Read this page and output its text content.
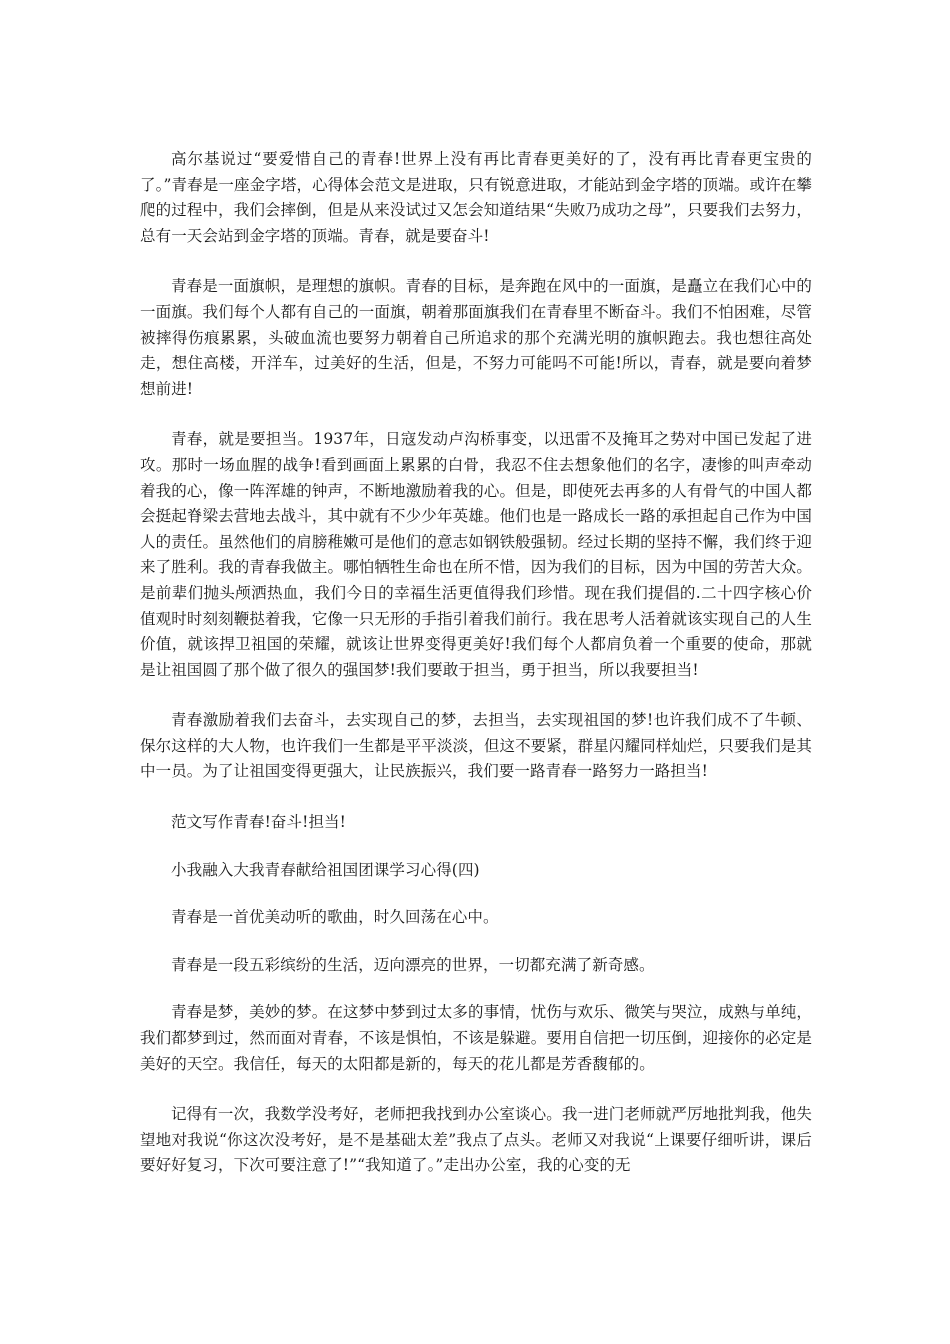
高尔基说过“要爱惜自己的青春!世界上没有再比青春更美好的了，没有再比青春更宝贵的了。”青春是一座金字塔，心得体会范文是进取，只有锐意进取，才能站到金字塔的顶端。或许在攀爬的过程中，我们会摔倒，但是从来没试过又怎会知道结果“失败乃成功之母”，只要我们去努力，总有一天会站到金字塔的顶端。青春，就是要奋斗!

青春是一面旗帜，是理想的旗帜。青春的目标，是奔跑在风中的一面旗，是矗立在我们心中的一面旗。我们每个人都有自己的一面旗，朝着那面旗我们在青春里不断奋斗。我们不怕困难，尽管被摔得伤痕累累，头破血流也要努力朝着自己所追求的那个充满光明的旗帜跑去。我也想往高处走，想住高楼，开洋车，过美好的生活，但是，不努力可能吗不可能!所以，青春，就是要向着梦想前进!

青春，就是要担当。1937年，日寇发动卢沟桥事变，以迅雷不及掩耳之势对中国已发起了进攻。那时一场血腥的战争!看到画面上累累的白骨，我忍不住去想象他们的名字，凄惨的叫声牵动着我的心，像一阵浑雄的钟声，不断地激励着我的心。但是，即使死去再多的人有骨气的中国人都会挺起脊梁去营地去战斗，其中就有不少少年英雄。他们也是一路成长一路的承担起自己作为中国人的责任。虽然他们的肩膀稚嫩可是他们的意志如钢铁般强韧。经过长期的坚持不懈，我们终于迎来了胜利。我的青春我做主。哪怕牺牲生命也在所不惜，因为我们的目标，因为中国的劳苦大众。是前辈们抛头颅洒热血，我们今日的幸福生活更值得我们珍惜。现在我们提倡的.二十四字核心价值观时时刻刻鞭挞着我，它像一只无形的手指引着我们前行。我在思考人活着就该实现自己的人生价值，就该捍卫祖国的荣耀，就该让世界变得更美好!我们每个人都肩负着一个重要的使命，那就是让祖国圆了那个做了很久的强国梦!我们要敢于担当，勇于担当，所以我要担当!

青春激励着我们去奋斗，去实现自己的梦，去担当，去实现祖国的梦!也许我们成不了牛顿、保尔这样的大人物，也许我们一生都是平平淡淡，但这不要紧，群星闪耀同样灿烂，只要我们是其中一员。为了让祖国变得更强大，让民族振兴，我们要一路青春一路努力一路担当!

范文写作青春!奋斗!担当!

小我融入大我青春献给祖国团课学习心得(四)

青春是一首优美动听的歌曲，时久回荡在心中。

青春是一段五彩缤纷的生活，迈向漂亮的世界，一切都充满了新奇感。

青春是梦，美妙的梦。在这梦中梦到过太多的事情，忧伤与欢乐、微笑与哭泣，成熟与单纯，我们都梦到过，然而面对青春，不该是惧怕，不该是躲避。要用自信把一切压倒，迎接你的必定是美好的天空。我信任，每天的太阳都是新的，每天的花儿都是芳香馥郁的。

记得有一次，我数学没考好，老师把我找到办公室谈心。我一进门老师就严厉地批判我，他失望地对我说“你这次没考好，是不是基础太差”我点了点头。老师又对我说“上课要仔细听讲，课后要好好复习，下次可要注意了!”“我知道了。”走出办公室，我的心变的无
